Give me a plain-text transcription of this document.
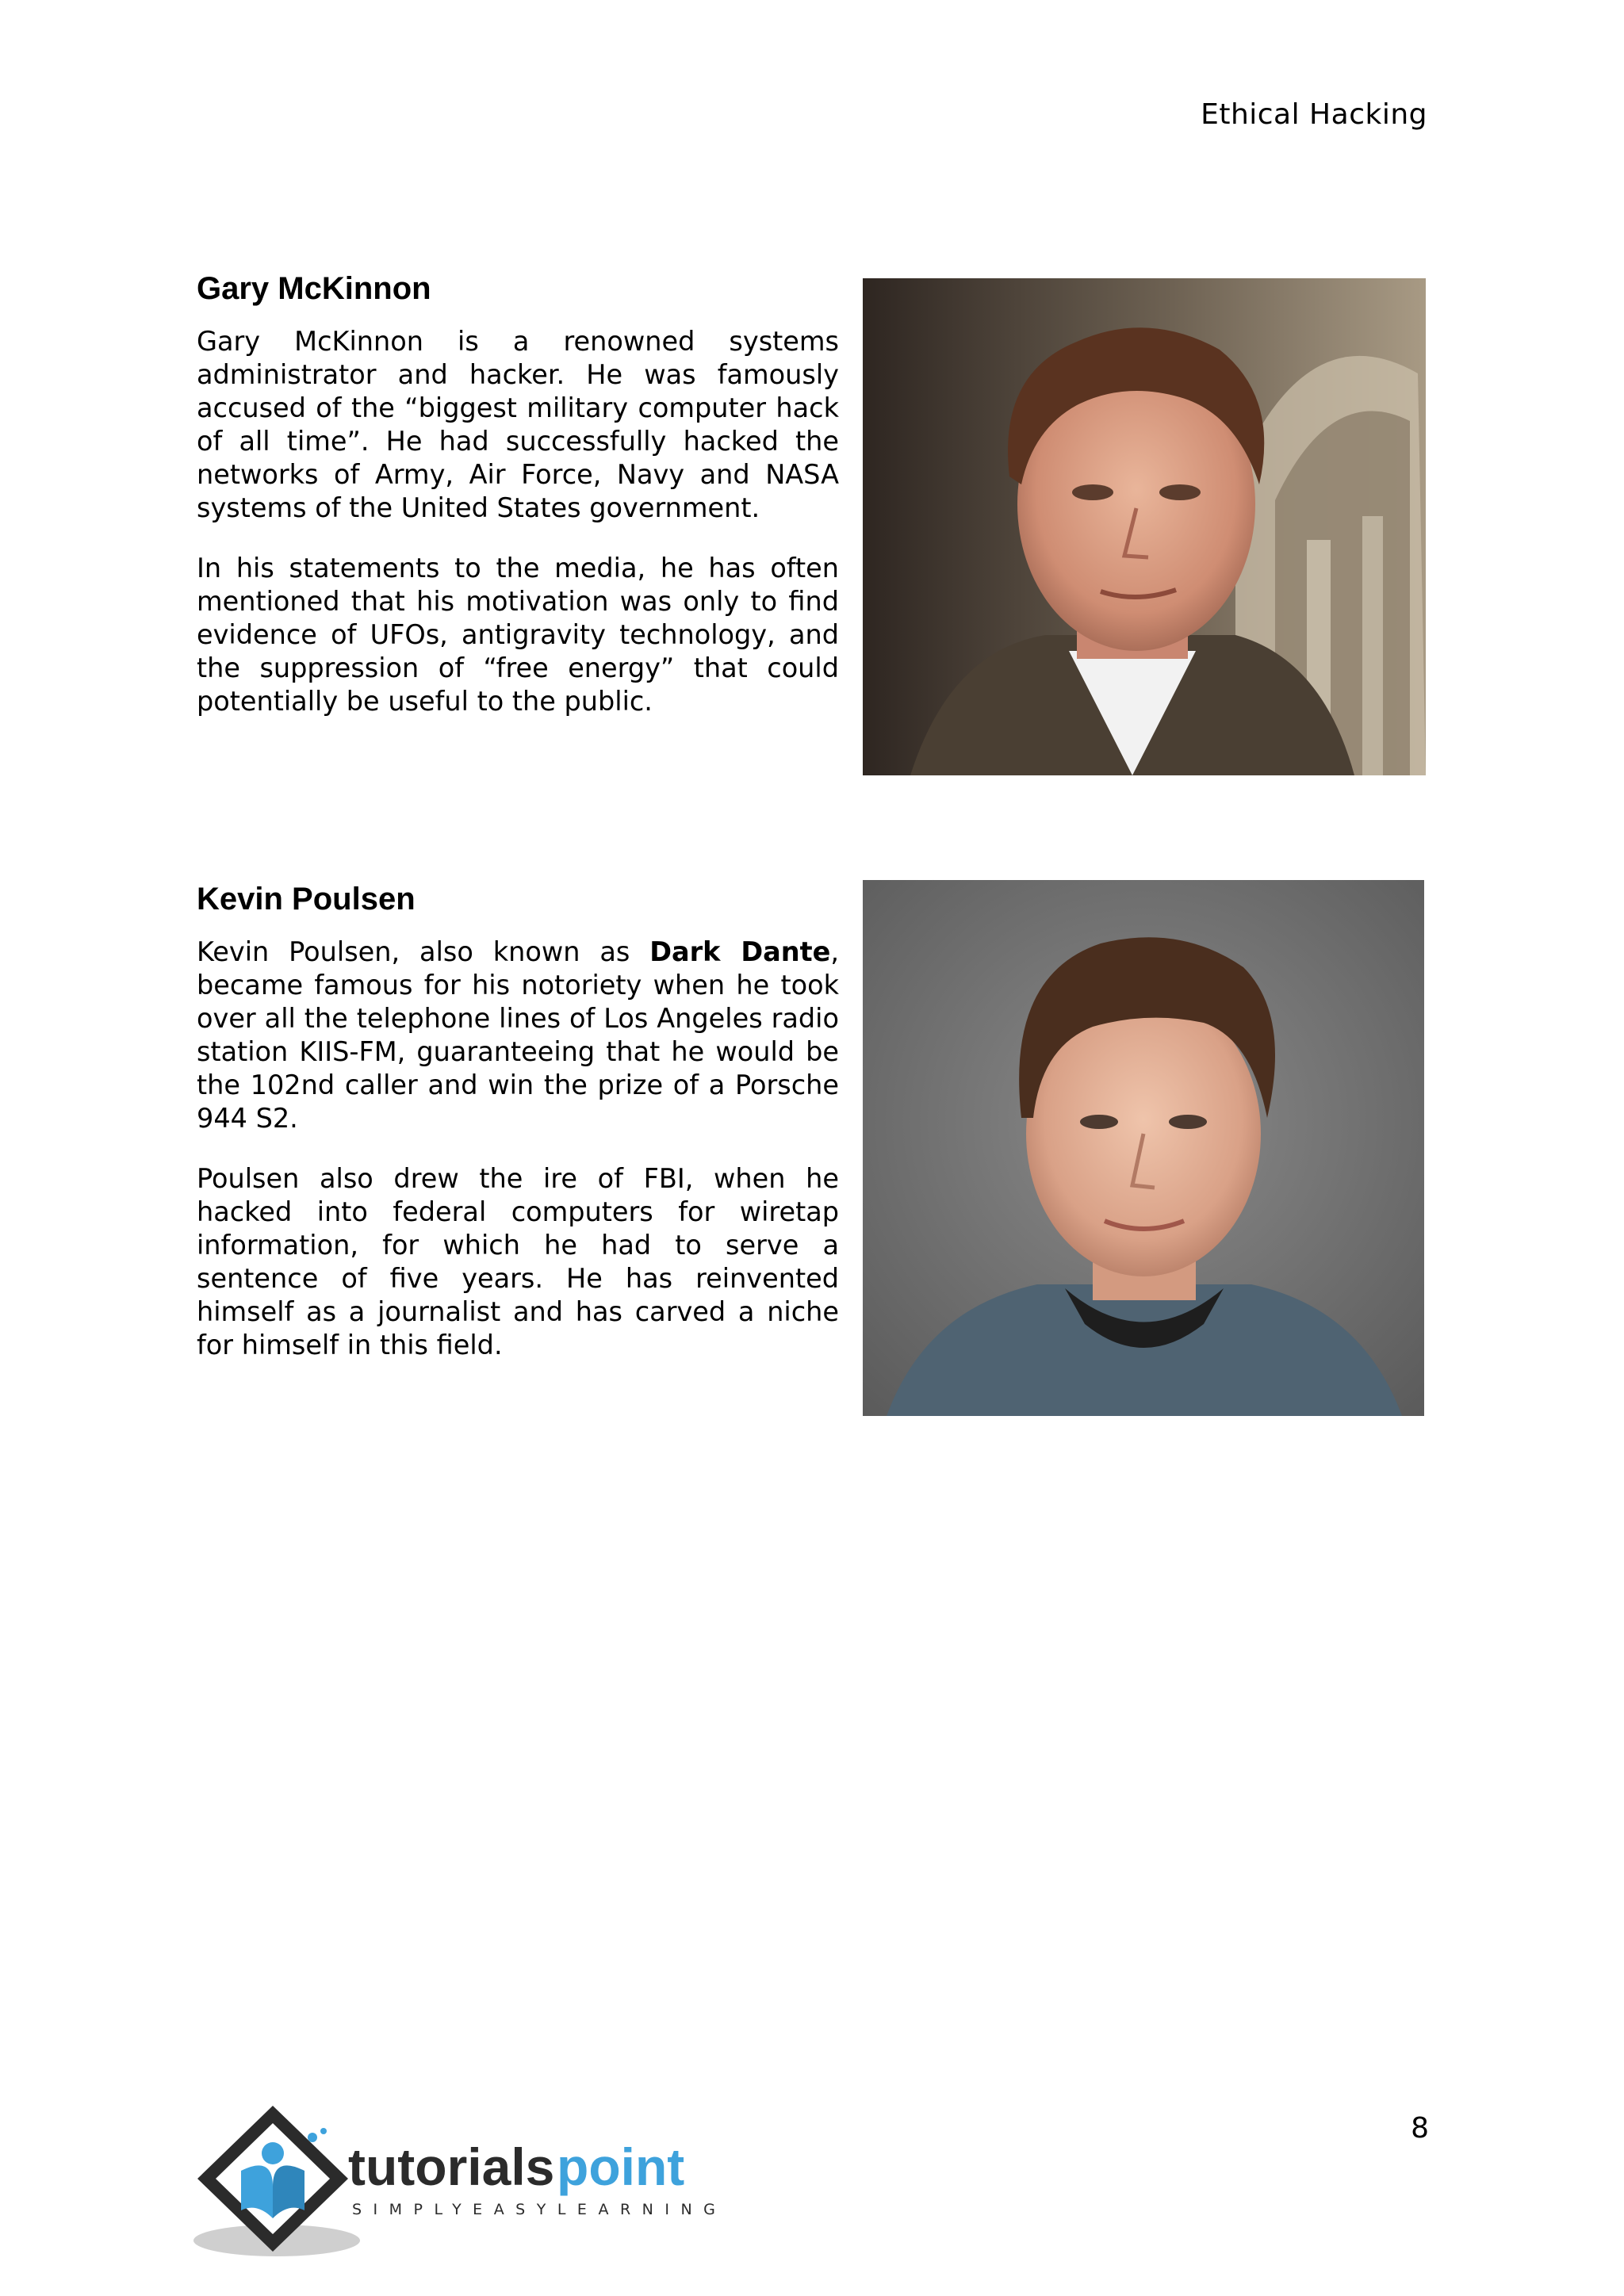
Ethical Hacking
Gary McKinnon

Gary McKinnon is a renowned systems administrator and hacker. He was famously accused of the “biggest military computer hack of all time”. He had successfully hacked the networks of Army, Air Force, Navy and NASA systems of the United States government.

In his statements to the media, he has often mentioned that his motivation was only to find evidence of UFOs, antigravity technology, and the suppression of “free energy” that could potentially be useful to the public.

Kevin Poulsen

Kevin Poulsen, also known as Dark Dante, became famous for his notoriety when he took over all the telephone lines of Los Angeles radio station KIIS-FM, guaranteeing that he would be the 102nd caller and win the prize of a Porsche 944 S2.

Poulsen also drew the ire of FBI, when he hacked into federal computers for wiretap information, for which he had to serve a sentence of five years. He has reinvented himself as a journalist and has carved a niche for himself in this field.

8
tutorials point
SIMPLYEASYLEARNING
